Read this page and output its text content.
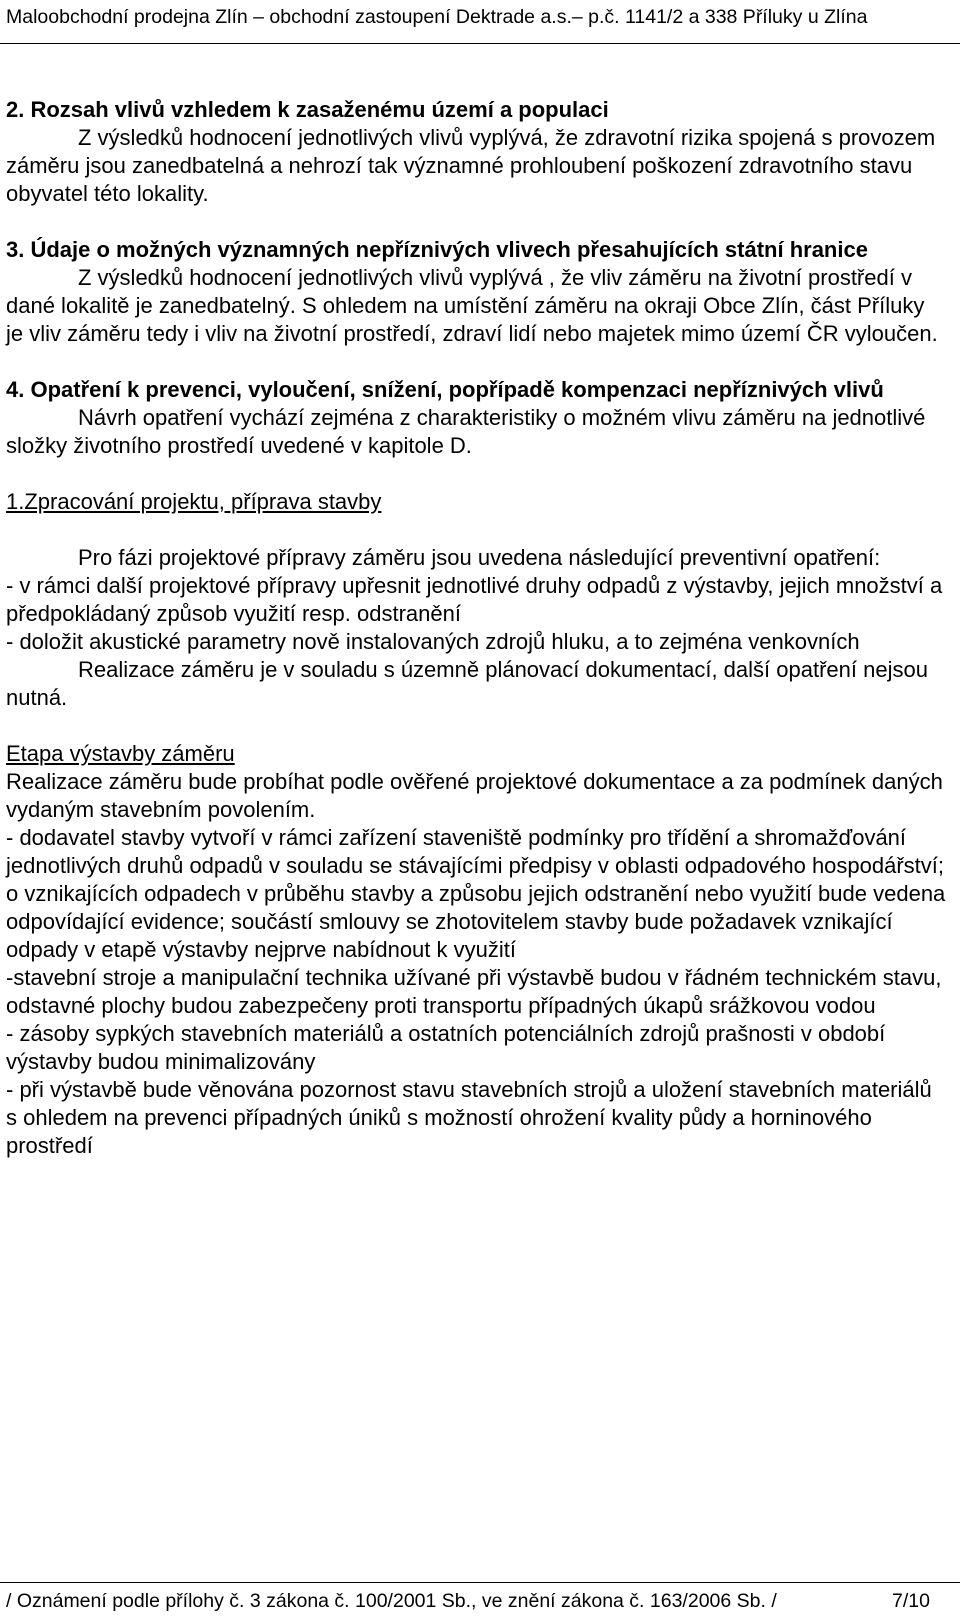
Maloobchodní prodejna Zlín – obchodní zastoupení Dektrade a.s.– p.č. 1141/2 a 338 Příluky u Zlína

2. Rozsah vlivů vzhledem k zasaženému území a populaci

Z výsledků hodnocení jednotlivých vlivů vyplývá, že zdravotní rizika spojená s provozem záměru jsou zanedbatelná a nehrozí tak významné prohloubení poškození zdravotního stavu obyvatel této lokality.

3. Údaje o možných významných nepříznivých vlivech přesahujících státní hranice

Z výsledků hodnocení jednotlivých vlivů vyplývá , že vliv záměru na životní prostředí v dané lokalitě je zanedbatelný. S ohledem na umístění záměru na okraji Obce Zlín, část Příluky je vliv záměru tedy i vliv na životní prostředí, zdraví lidí nebo majetek mimo území ČR vyloučen.

4. Opatření k prevenci, vyloučení, snížení, popřípadě kompenzaci nepříznivých vlivů

Návrh opatření vychází zejména z charakteristiky o možném vlivu záměru na jednotlivé složky životního prostředí uvedené v kapitole D.

1.Zpracování projektu, příprava stavby

Pro fázi projektové přípravy záměru jsou uvedena následující preventivní opatření:

- v rámci další projektové přípravy upřesnit jednotlivé druhy odpadů z výstavby, jejich množství a předpokládaný způsob využití resp. odstranění

- doložit akustické parametry nově instalovaných zdrojů hluku, a to zejména venkovních

Realizace záměru je v souladu s územně plánovací dokumentací, další opatření nejsou nutná.

Etapa výstavby záměru

Realizace záměru bude probíhat podle ověřené projektové dokumentace a za podmínek daných vydaným stavebním povolením.

- dodavatel stavby vytvoří v rámci zařízení staveniště podmínky pro třídění a shromažďování jednotlivých druhů odpadů v souladu se stávajícími předpisy v oblasti odpadového hospodářství; o vznikajících odpadech v průběhu stavby a způsobu jejich odstranění nebo využití bude vedena odpovídající evidence; součástí smlouvy se zhotovitelem stavby bude požadavek vznikající odpady v etapě výstavby nejprve nabídnout k využití

-stavební stroje a manipulační technika užívané při výstavbě budou v řádném technickém stavu, odstavné plochy budou zabezpečeny proti transportu případných úkapů srážkovou vodou

- zásoby sypkých stavebních materiálů a ostatních potenciálních zdrojů prašnosti v období výstavby budou minimalizovány

- při výstavbě bude věnována pozornost stavu stavebních strojů a uložení stavebních materiálů s ohledem na prevenci případných úniků s možností ohrožení kvality půdy a horninového prostředí

/ Oznámení podle přílohy č. 3 zákona č. 100/2001 Sb., ve znění zákona č. 163/2006 Sb. /	7/10
